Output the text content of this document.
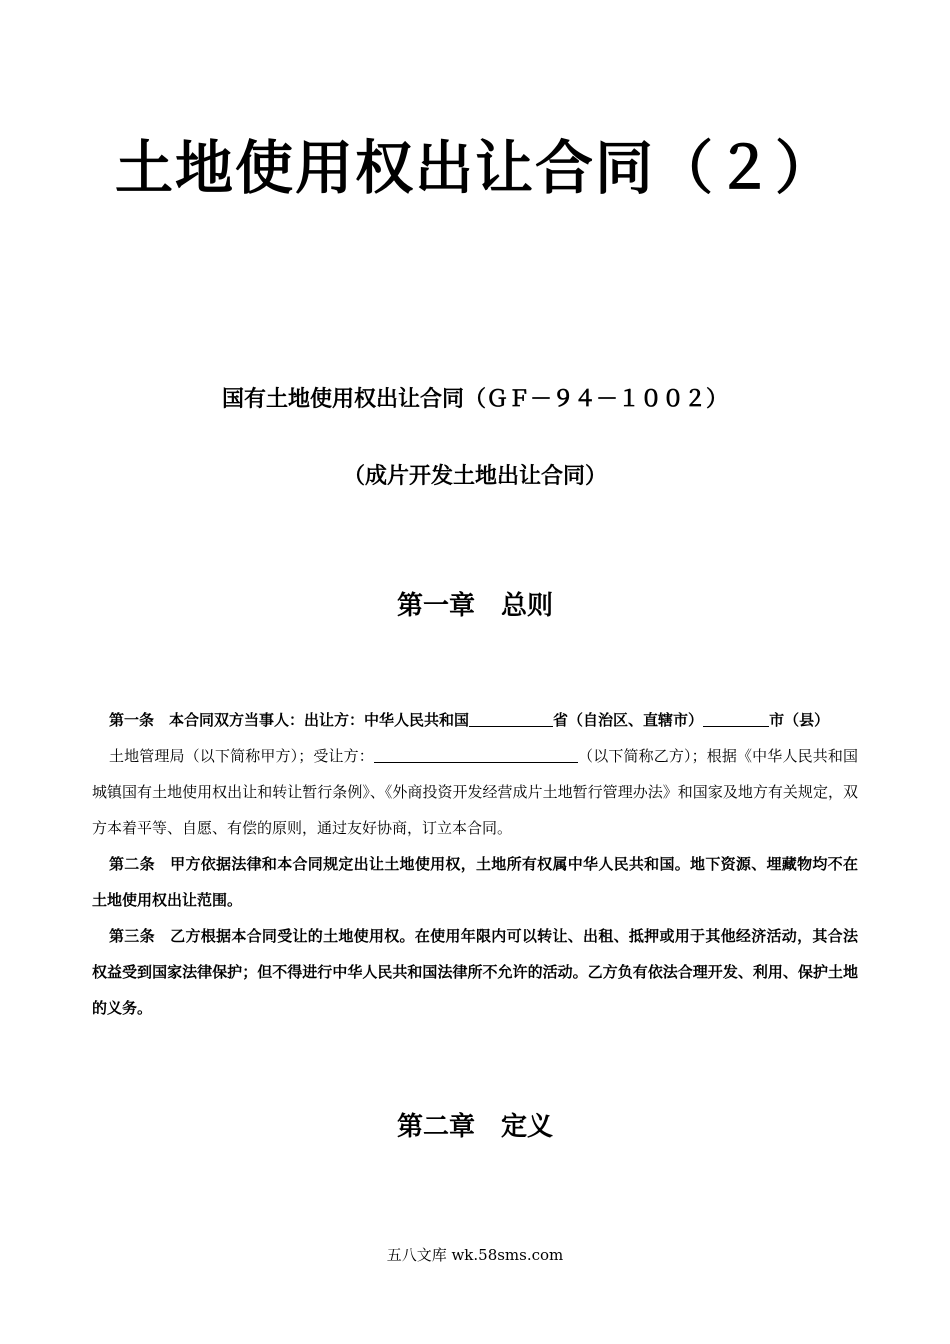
土地使用权出让合同（２）
国有土地使用权出让合同（ＧＦ－９４－１００２）
（成片开发土地出让合同）
第一章　总则

第一条　 本合同双方当事人：出让方：中华人民共和国	省（自治区、直辖市）	市（县）

土地管理局（以下简称甲方）；受让方：	（以下简称乙方）；根据《中华人民共和国城镇国有土地使用权出让和转让暂行条例》、《外商投资开发经营成片土地暂行管理办法》和国家及地方有关规定，双方本着平等、自愿、有偿的原则，通过友好协商，订立本合同。

第二条　 甲方依据法律和本合同规定出让土地使用权，土地所有权属中华人民共和国。地下资源、埋藏物均不在土地使用权出让范围。

第三条　 乙方根据本合同受让的土地使用权。在使用年限内可以转让、出租、抵押或用于其他经济活动，其合法权益受到国家法律保护；但不得进行中华人民共和国法律所不允许的活动。乙方负有依法合理开发、利用、保护土地的义务。

第二章　定义
五八文库 wk.58sms.com
